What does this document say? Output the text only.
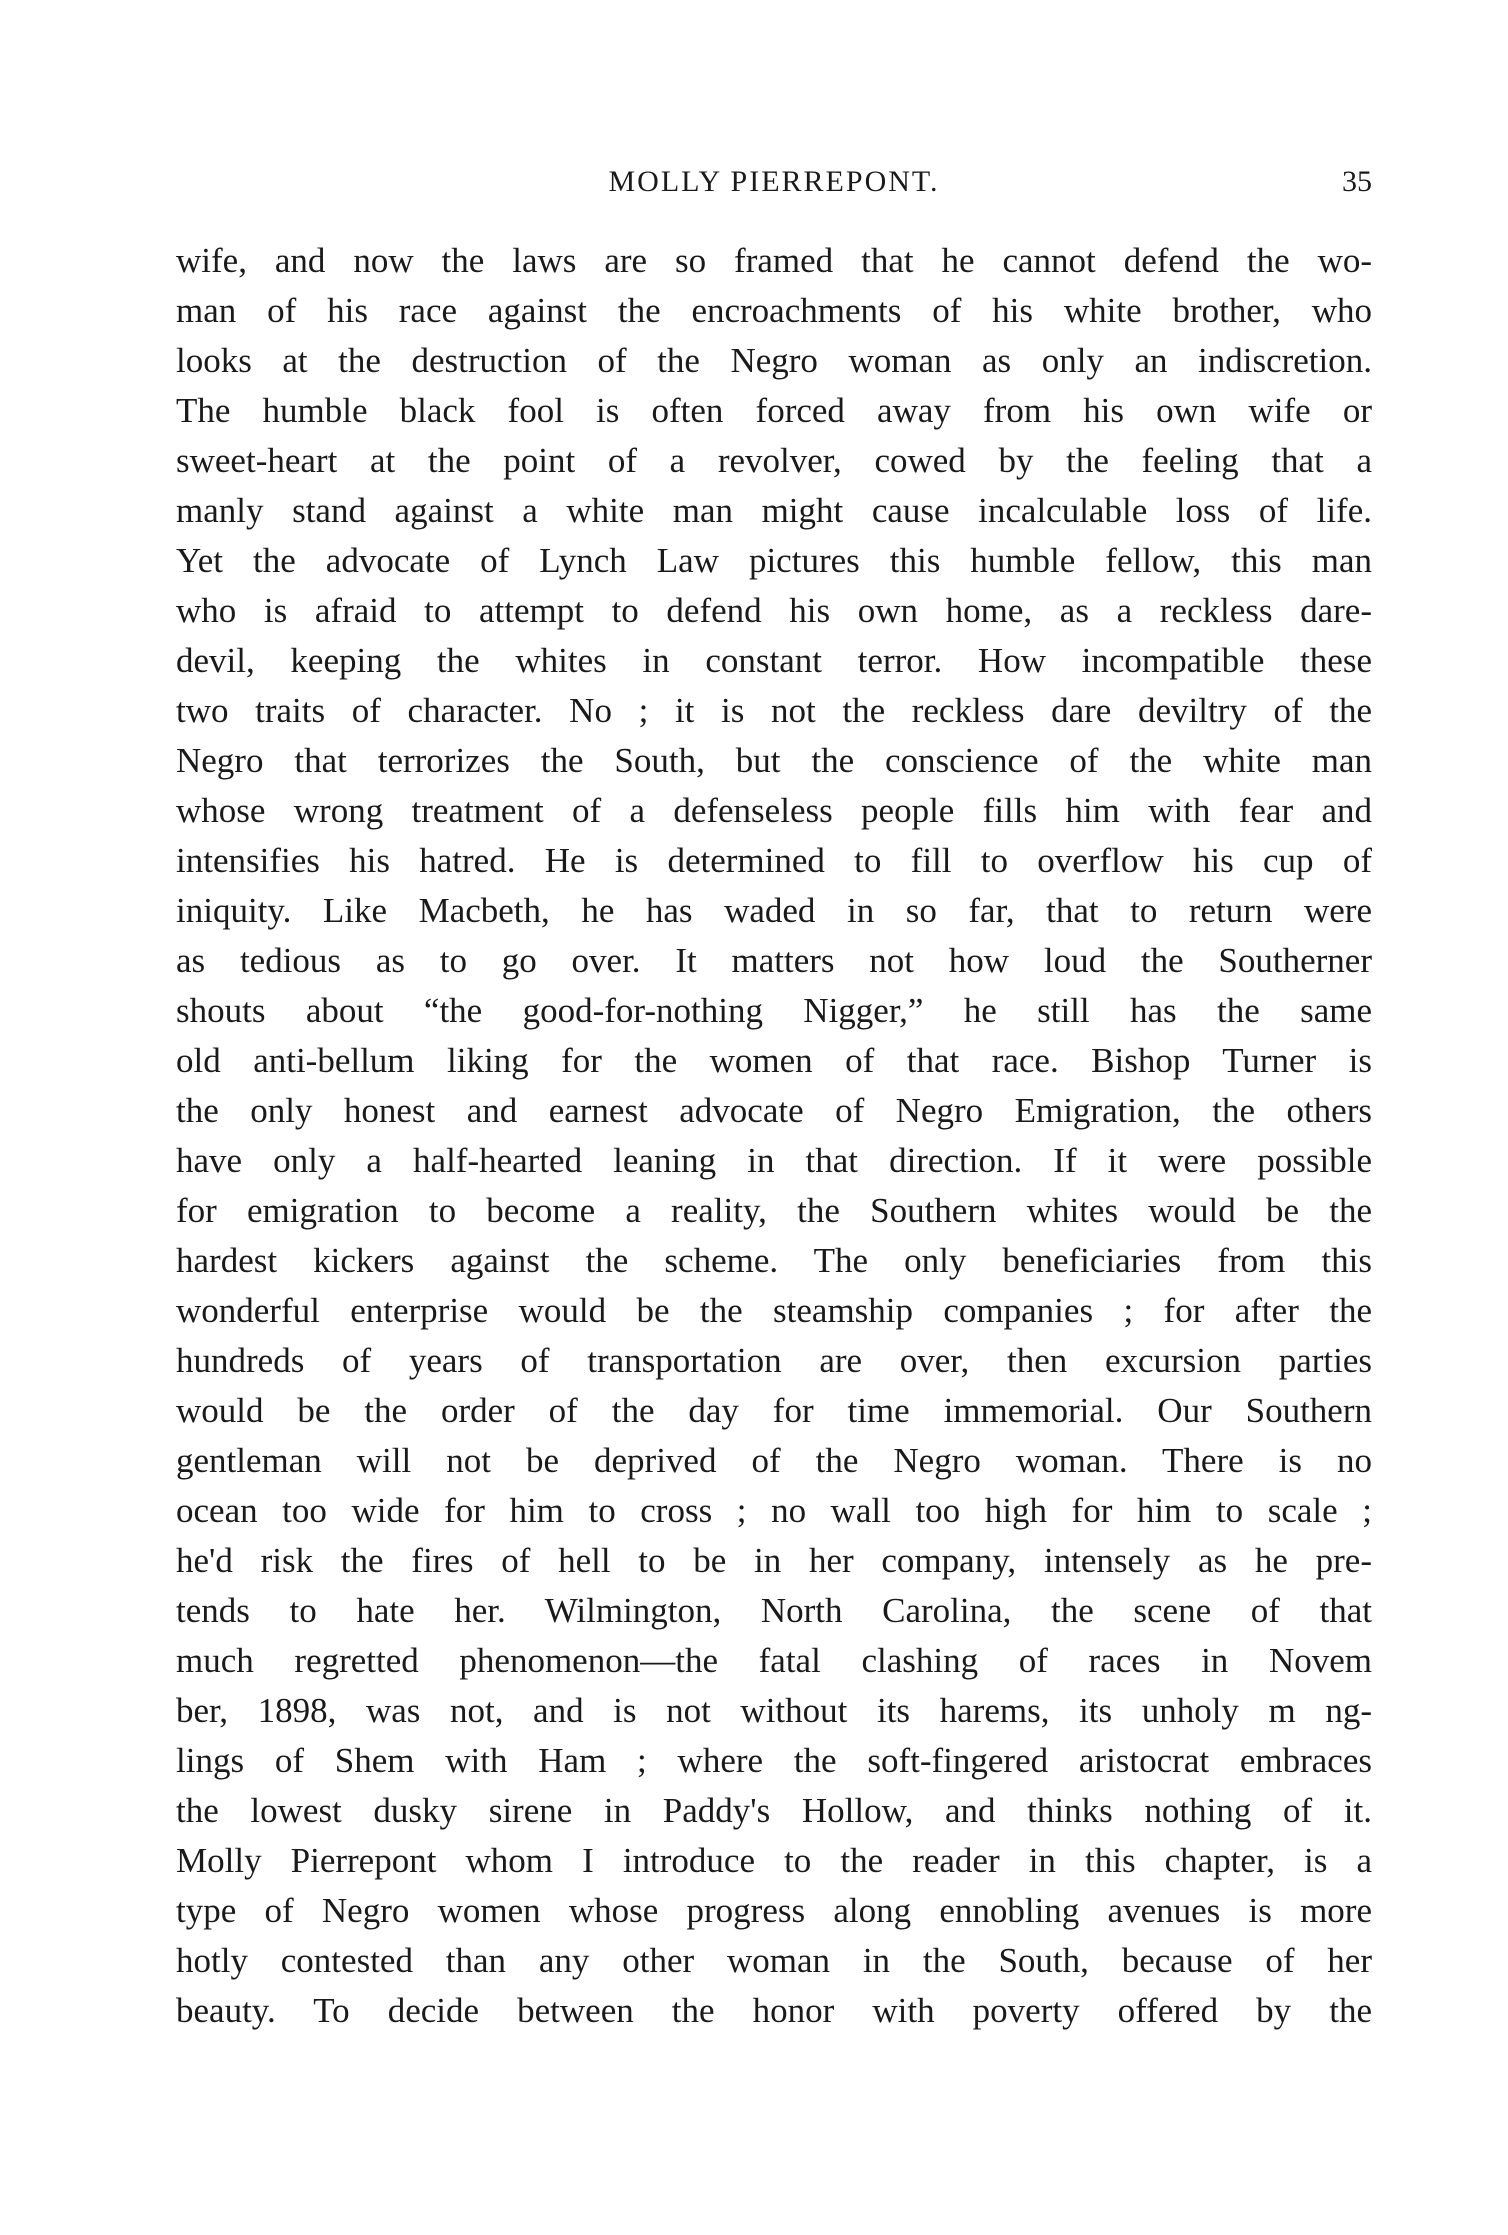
MOLLY PIERREPONT.	35
wife, and now the laws are so framed that he cannot defend the wo-
man of his race against the encroachments of his white brother, who
looks at the destruction of the Negro woman as only an indiscretion.
The humble black fool is often forced away from his own wife or
sweet-heart at the point of a revolver, cowed by the feeling that a
manly stand against a white man might cause incalculable loss of life.
Yet the advocate of Lynch Law pictures this humble fellow, this man
who is afraid to attempt to defend his own home, as a reckless dare-
devil, keeping the whites in constant terror. How incompatible these
two traits of character. No ; it is not the reckless dare deviltry of the
Negro that terrorizes the South, but the conscience of the white man
whose wrong treatment of a defenseless people fills him with fear and
intensifies his hatred. He is determined to fill to overflow his cup of
iniquity. Like Macbeth, he has waded in so far, that to return were
as tedious as to go over. It matters not how loud the Southerner
shouts about “the good-for-nothing Nigger,” he still has the same
old anti-bellum liking for the women of that race. Bishop Turner is
the only honest and earnest advocate of Negro Emigration, the others
have only a half-hearted leaning in that direction. If it were possible
for emigration to become a reality, the Southern whites would be the
hardest kickers against the scheme. The only beneficiaries from this
wonderful enterprise would be the steamship companies ; for after the
hundreds of years of transportation are over, then excursion parties
would be the order of the day for time immemorial. Our Southern
gentleman will not be deprived of the Negro woman. There is no
ocean too wide for him to cross ; no wall too high for him to scale ;
he'd risk the fires of hell to be in her company, intensely as he pre-
tends to hate her. Wilmington, North Carolina, the scene of that
much regretted phenomenon—the fatal clashing of races in Novem
ber, 1898, was not, and is not without its harems, its unholy m ng-
lings of Shem with Ham ; where the soft-fingered aristocrat embraces
the lowest dusky sirene in Paddy's Hollow, and thinks nothing of it.
Molly Pierrepont whom I introduce to the reader in this chapter, is a
type of Negro women whose progress along ennobling avenues is more
hotly contested than any other woman in the South, because of her
beauty. To decide between the honor with poverty offered by the
